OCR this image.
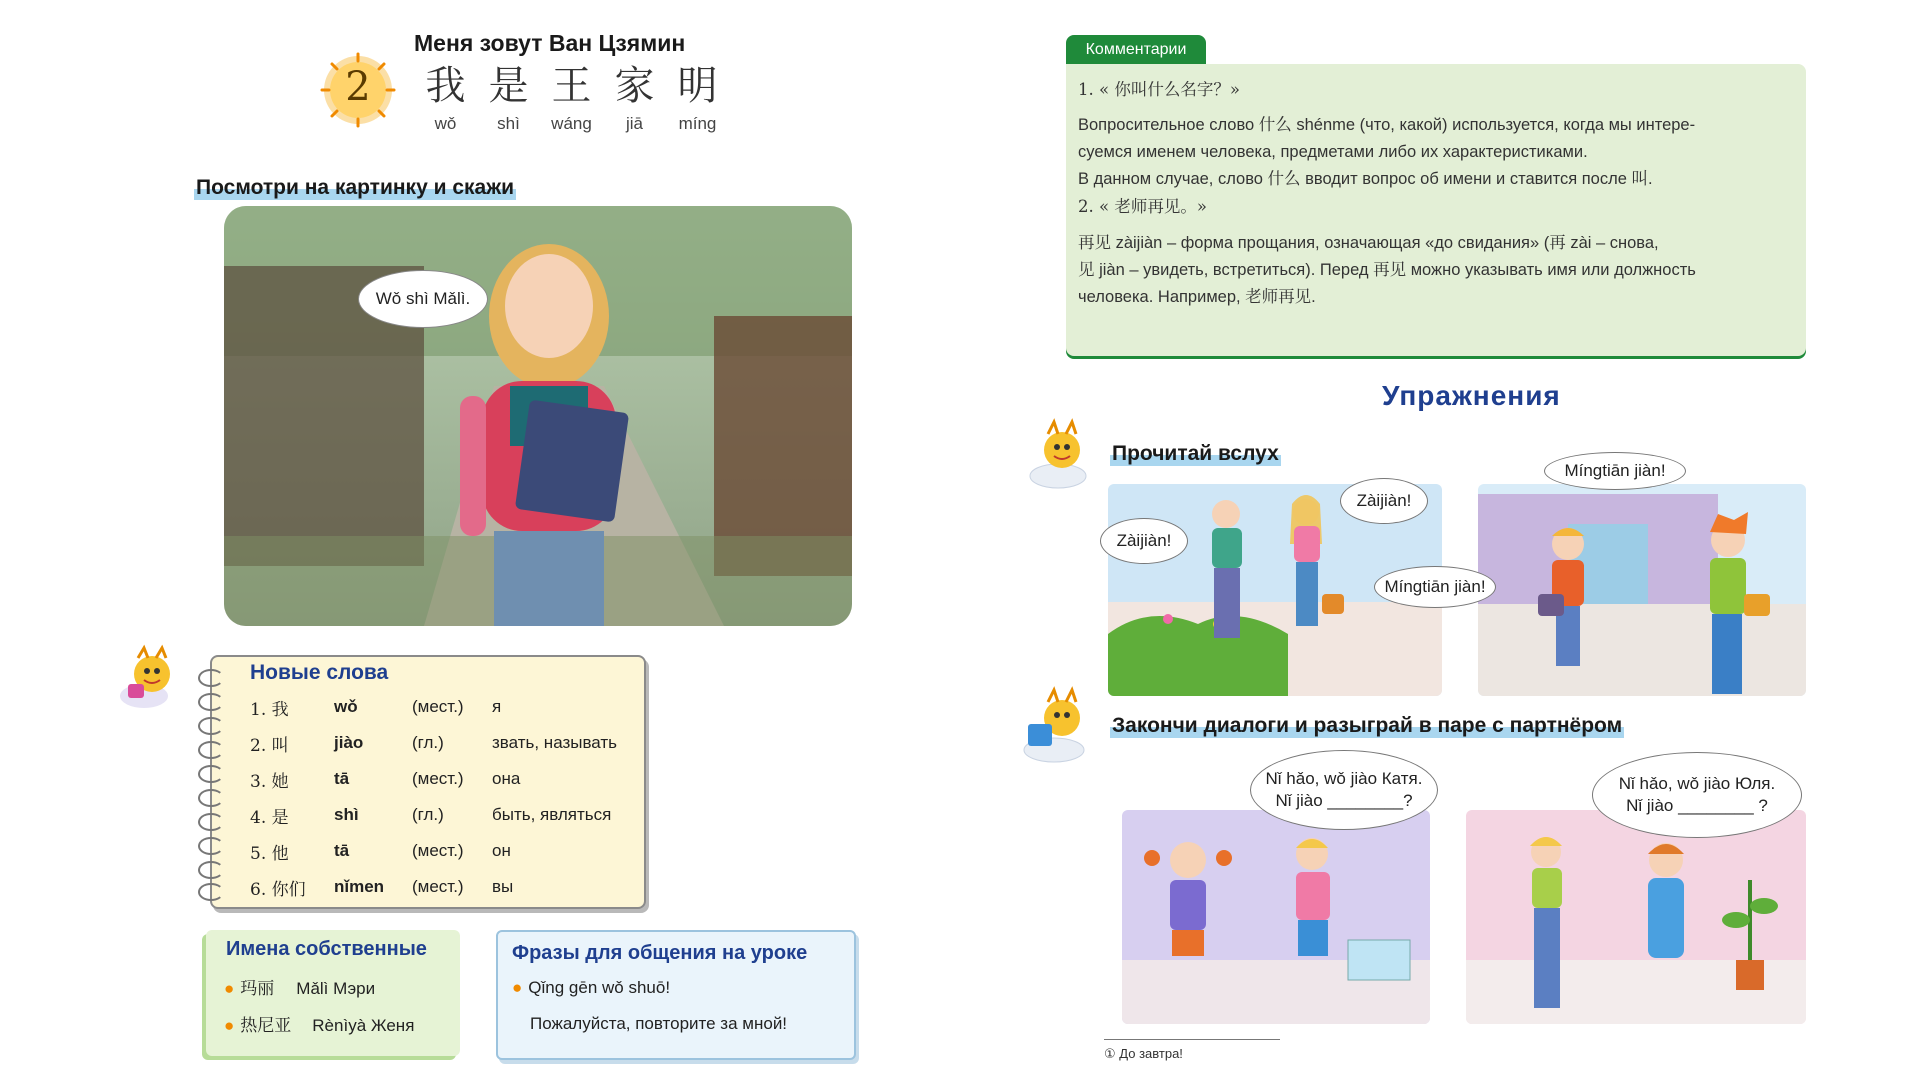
2
Меня зовут Ван Цзямин
我
wǒ
是
shì
王
wáng
家
jiā
明
míng
Посмотри на картинку и скажи
Wǒ shì Mǎlì.
Новые слова
1. 我	wǒ	(мест.)	я
2. 叫	jiào	(гл.)	звать, называть
3. 她	tā	(мест.)	она
4. 是	shì	(гл.)	быть, являться
5. 他	tā	(мест.)	он
6. 你们	nǐmen	(мест.)	вы
Имена собственные
● 玛丽 Mǎlì Мэри
● 热尼亚 Rènìyà Женя
Фразы для общения на уроке
● Qǐng gēn wǒ shuō!
Пожалуйста, повторите за мной!
Комментарии
1. « 你叫什么名字？»
Вопросительное слово 什么 shénme (что, какой) используется, когда мы интере-
суемся именем человека, предметами либо их характеристиками.
В данном случае, слово 什么 вводит вопрос об имени и ставится после 叫.
2. « 老师再见。»
再见 zàijiàn – форма прощания, означающая «до свидания» (再 zài – снова,
见 jiàn – увидеть, встретиться). Перед 再见 можно указывать имя или должность
человека. Например, 老师再见.
Упражнения
Прочитай вслух
Zàijiàn!
Zàijiàn!
Míngtiān jiàn!
Míngtiān jiàn!
Закончи диалоги и разыграй в паре с партнёром
Nǐ hǎo, wǒ jiào Катя.
Nǐ jiào ________?
Nǐ hǎo, wǒ jiào Юля.
Nǐ jiào ________ ?
① До завтра!
